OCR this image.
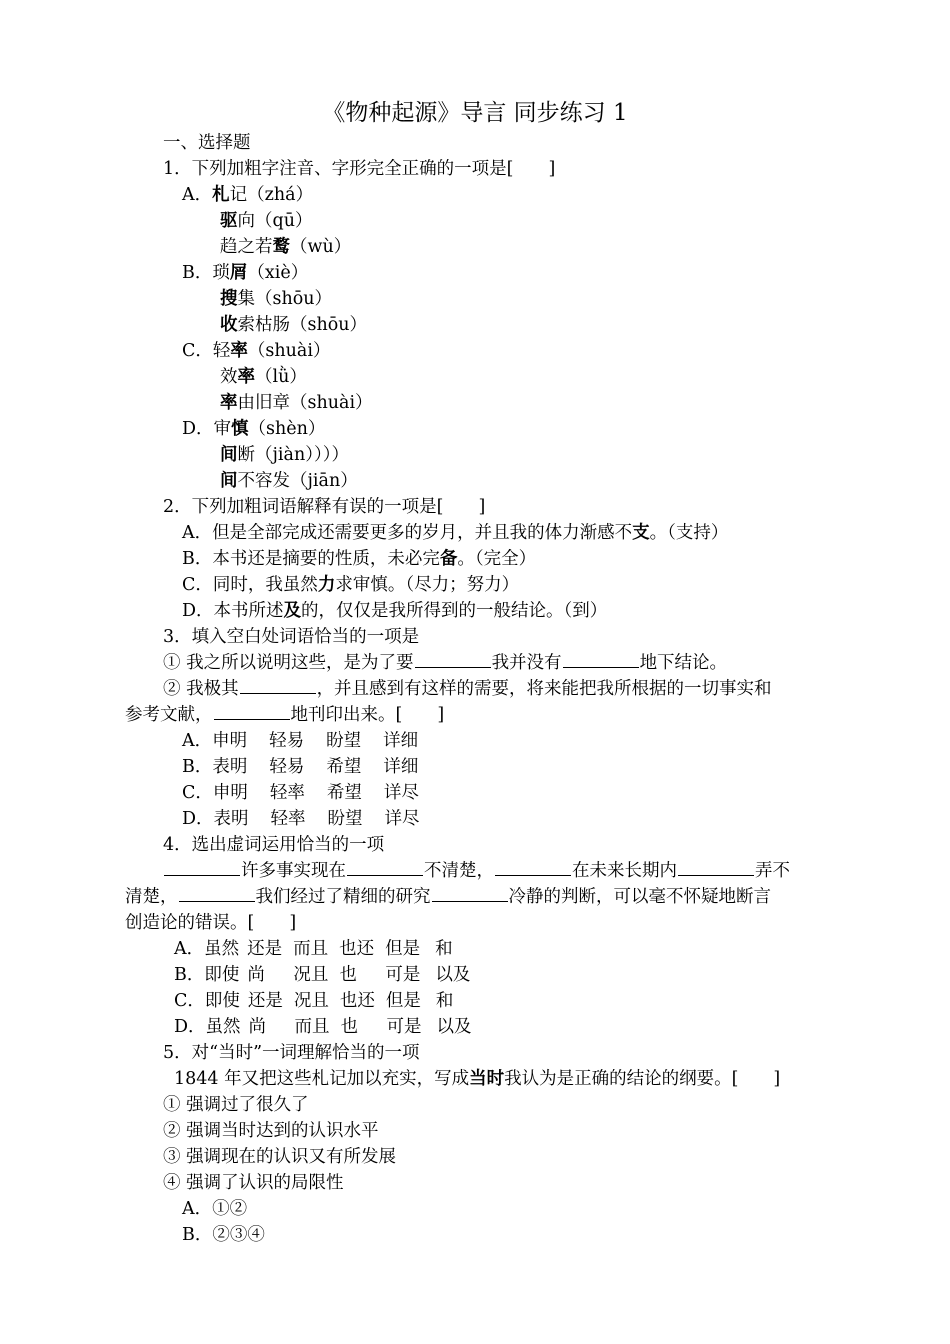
《物种起源》导言 同步练习 1
一、选择题
1．下列加粗字注音、字形完全正确的一项是[　　]
A．札记（zhá）
驱向（qū）
趋之若鹜（wù）
B．琐屑（xiè）
搜集（shōu）
收索枯肠（shōu）
C．轻率（shuài）
效率（lǜ）
率由旧章（shuài）
D．审慎（shèn）
间断（jiàn））））
间不容发（jiān）
2．下列加粗词语解释有误的一项是[　　]
A．但是全部完成还需要更多的岁月，并且我的体力渐感不支。（支持）
B．本书还是摘要的性质，未必完备。（完全）
C．同时，我虽然力求审慎。（尽力；努力）
D．本书所述及的，仅仅是我所得到的一般结论。（到）
3．填入空白处词语恰当的一项是
① 我之所以说明这些，是为了要	我并没有	地下结论。
② 我极其	，并且感到有这样的需要，将来能把我所根据的一切事实和
参考文献，	地刊印出来。[　　]
A．申明 轻易 盼望 详细
B．表明 轻易 希望 详细
C．申明 轻率 希望 详尽
D．表明 轻率 盼望 详尽
4．选出虚词运用恰当的一项
许多事实现在	不清楚，	在未来长期内	弄不
清楚，	我们经过了精细的研究	冷静的判断，可以毫不怀疑地断言
创造论的错误。[　　]
A．虽然 还是 而且 也还 但是 和
B．即使 尚 况且 也 可是 以及
C．即使 还是 况且 也还 但是 和
D．虽然 尚 而且 也 可是 以及
5．对“当时”一词理解恰当的一项
1844 年又把这些札记加以充实，写成当时我认为是正确的结论的纲要。[　　]
① 强调过了很久了
② 强调当时达到的认识水平
③ 强调现在的认识又有所发展
④ 强调了认识的局限性
A．①②
B．②③④
